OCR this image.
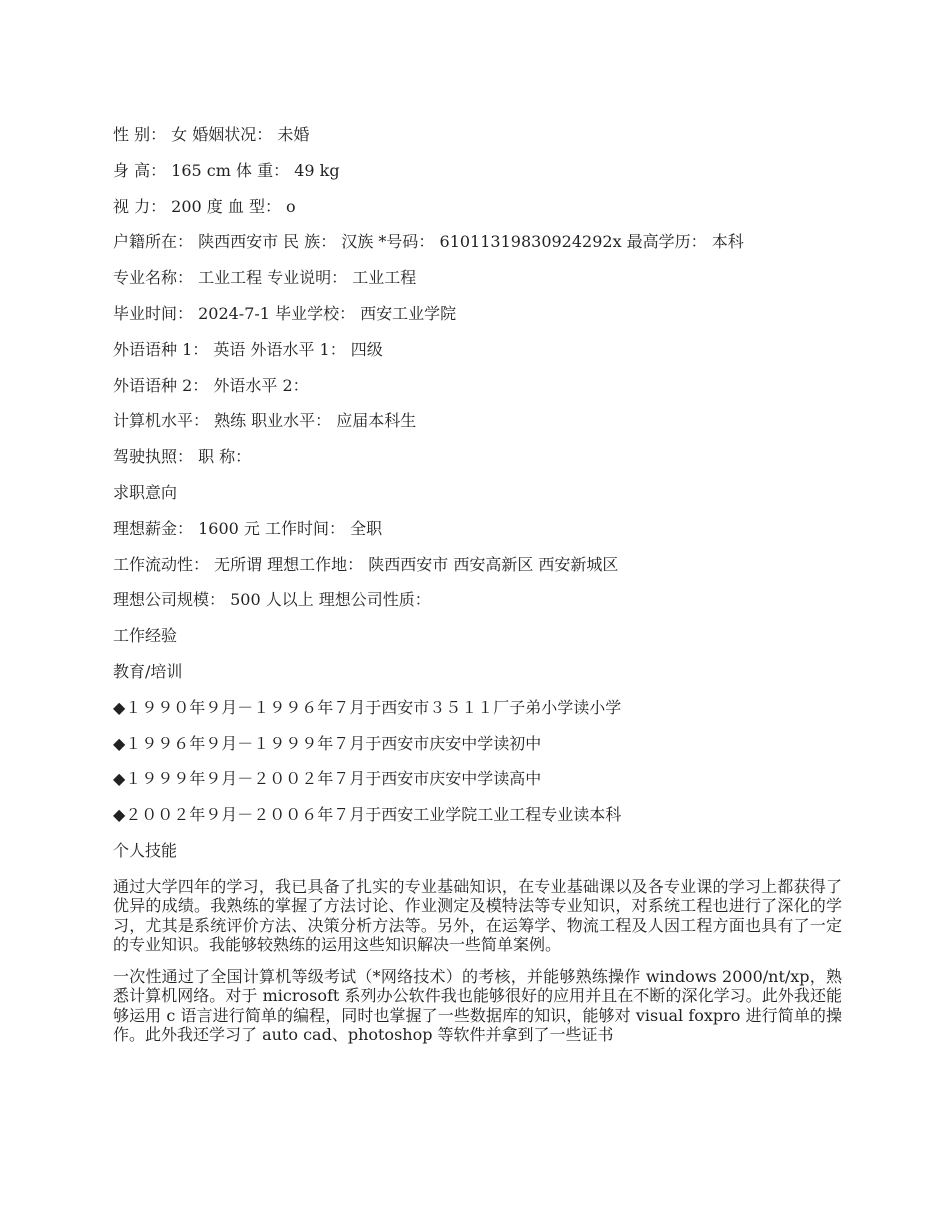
性 别： 女 婚姻状况： 未婚
身 高： 165 cm 体 重： 49 kg
视 力： 200 度 血 型： o
户籍所在： 陕西西安市 民 族： 汉族 *号码： 61011319830924292x 最高学历： 本科
专业名称： 工业工程 专业说明： 工业工程
毕业时间： 2024-7-1 毕业学校： 西安工业学院
外语语种 1： 英语 外语水平 1： 四级
外语语种 2： 外语水平 2：
计算机水平： 熟练 职业水平： 应届本科生
驾驶执照： 职 称：
求职意向
理想薪金： 1600 元 工作时间： 全职
工作流动性： 无所谓 理想工作地： 陕西西安市 西安高新区 西安新城区
理想公司规模： 500 人以上 理想公司性质：
工作经验
教育/培训
◆１９９０年９月－１９９６年７月于西安市３５１１厂子弟小学读小学
◆１９９６年９月－１９９９年７月于西安市庆安中学读初中
◆１９９９年９月－２００２年７月于西安市庆安中学读高中
◆２００２年９月－２００６年７月于西安工业学院工业工程专业读本科
个人技能

通过大学四年的学习，我已具备了扎实的专业基础知识，在专业基础课以及各专业课的学习上都获得了优异的成绩。我熟练的掌握了方法讨论、作业测定及模特法等专业知识，对系统工程也进行了深化的学习，尤其是系统评价方法、决策分析方法等。另外，在运筹学、物流工程及人因工程方面也具有了一定的专业知识。我能够较熟练的运用这些知识解决一些简单案例。

一次性通过了全国计算机等级考试（*网络技术）的考核，并能够熟练操作 windows 2000/nt/xp，熟悉计算机网络。对于 microsoft 系列办公软件我也能够很好的应用并且在不断的深化学习。此外我还能够运用 c 语言进行简单的编程，同时也掌握了一些数据库的知识，能够对 visual foxpro 进行简单的操作。此外我还学习了 auto cad、photoshop 等软件并拿到了一些证书
